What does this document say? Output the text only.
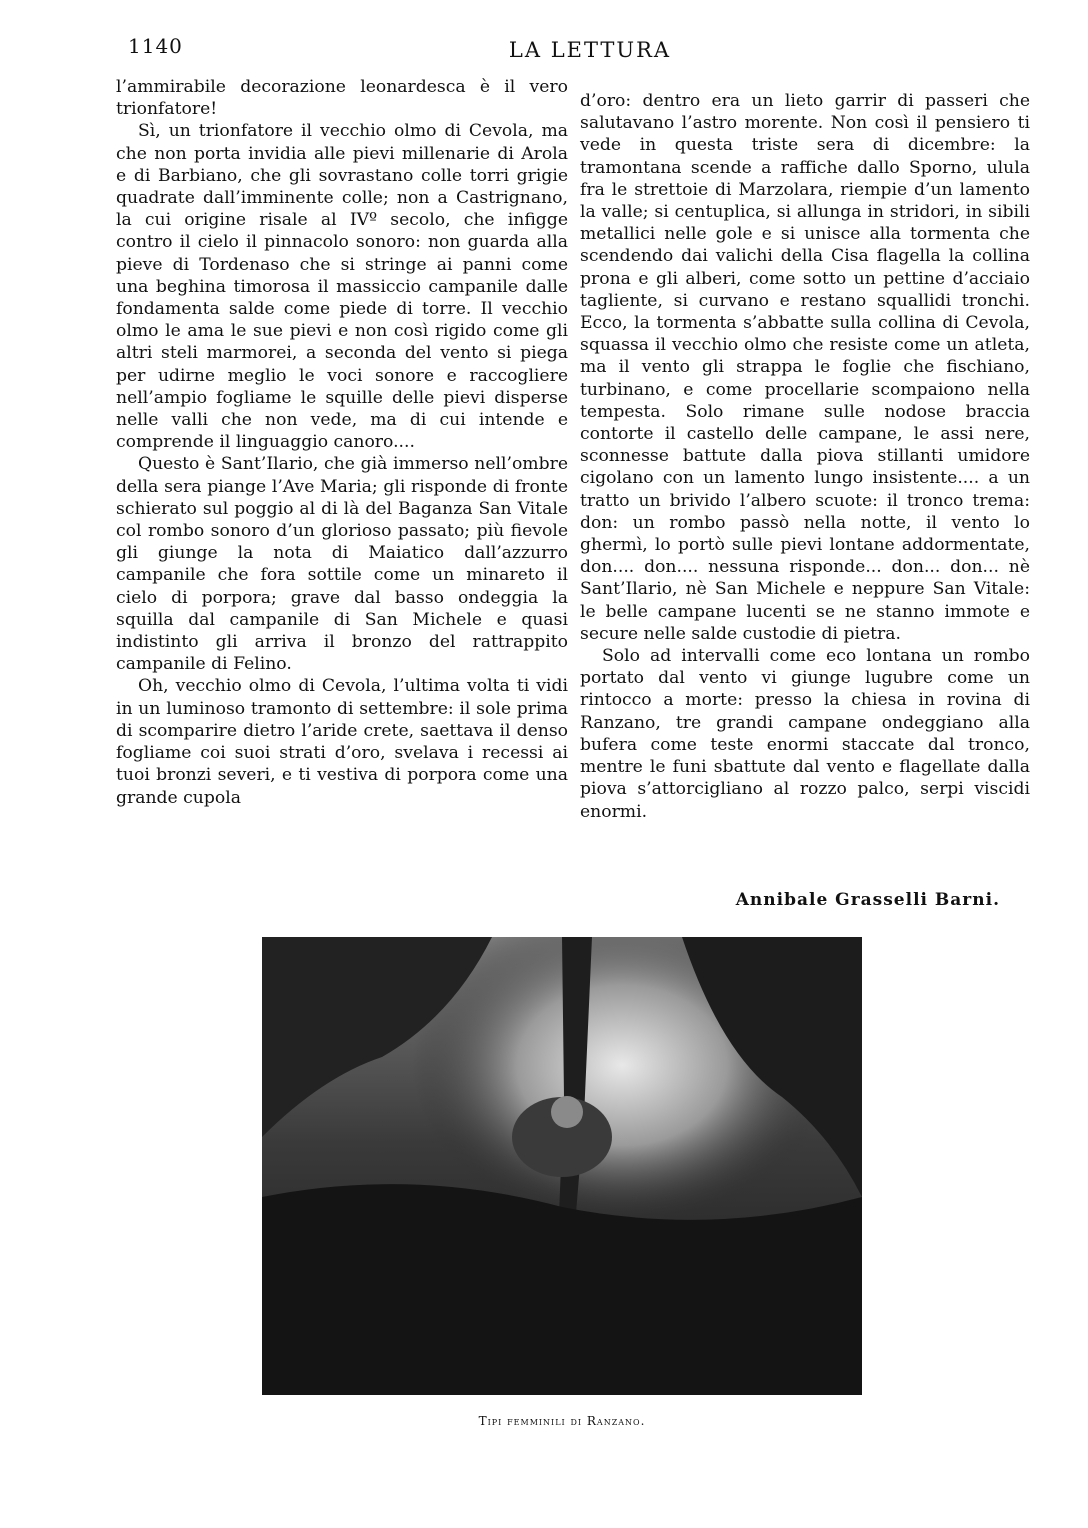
1140	LA LETTURA

l’ammirabile decorazione leonardesca è il vero trionfatore!

Sì, un trionfatore il vecchio olmo di Cevola, ma che non porta invidia alle pievi millenarie di Arola e di Barbiano, che gli sovrastano colle torri grigie quadrate dall’imminente colle; non a Castrignano, la cui origine risale al IVº secolo, che infigge contro il cielo il pinnacolo sonoro: non guarda alla pieve di Tordenaso che si stringe ai panni come una beghina timorosa il massiccio campanile dalle fondamenta salde come piede di torre. Il vecchio olmo le ama le sue pievi e non così rigido come gli altri steli marmorei, a seconda del vento si piega per udirne meglio le voci sonore e raccogliere nell’ampio fogliame le squille delle pievi disperse nelle valli che non vede, ma di cui intende e comprende il linguaggio canoro....

Questo è Sant’Ilario, che già immerso nell’ombre della sera piange l’Ave Maria; gli risponde di fronte schierato sul poggio al di là del Baganza San Vitale col rombo sonoro d’un glorioso passato; più fievole gli giunge la nota di Maiatico dall’azzurro campanile che fora sottile come un minareto il cielo di porpora; grave dal basso ondeggia la squilla dal campanile di San Michele e quasi indistinto gli arriva il bronzo del rattrappito campanile di Felino.

Oh, vecchio olmo di Cevola, l’ultima volta ti vidi in un luminoso tramonto di settembre: il sole prima di scomparire dietro l’aride crete, saettava il denso fogliame coi suoi strati d’oro, svelava i recessi ai tuoi bronzi severi, e ti vestiva di porpora come una grande cupola

d’oro: dentro era un lieto garrir di passeri che salutavano l’astro morente. Non così il pensiero ti vede in questa triste sera di dicembre: la tramontana scende a raffiche dallo Sporno, ulula fra le strettoie di Marzolara, riempie d’un lamento la valle; si centuplica, si allunga in stridori, in sibili metallici nelle gole e si unisce alla tormenta che scendendo dai valichi della Cisa flagella la collina prona e gli alberi, come sotto un pettine d’acciaio tagliente, si curvano e restano squallidi tronchi. Ecco, la tormenta s’abbatte sulla collina di Cevola, squassa il vecchio olmo che resiste come un atleta, ma il vento gli strappa le foglie che fischiano, turbinano, e come procellarie scompaiono nella tempesta. Solo rimane sulle nodose braccia contorte il castello delle campane, le assi nere, sconnesse battute dalla piova stillanti umidore cigolano con un lamento lungo insistente.... a un tratto un brivido l’albero scuote: il tronco trema: don: un rombo passò nella notte, il vento lo ghermì, lo portò sulle pievi lontane addormentate, don.... don.... nessuna risponde... don... don... nè Sant’Ilario, nè San Michele e neppure San Vitale: le belle campane lucenti se ne stanno immote e secure nelle salde custodie di pietra.

Solo ad intervalli come eco lontana un rombo portato dal vento vi giunge lugubre come un rintocco a morte: presso la chiesa in rovina di Ranzano, tre grandi campane ondeggiano alla bufera come teste enormi staccate dal tronco, mentre le funi sbattute dal vento e flagellate dalla piova s’attorcigliano al rozzo palco, serpi viscidi enormi.

Annibale Grasselli Barni.
Tipi femminili di Ranzano.
